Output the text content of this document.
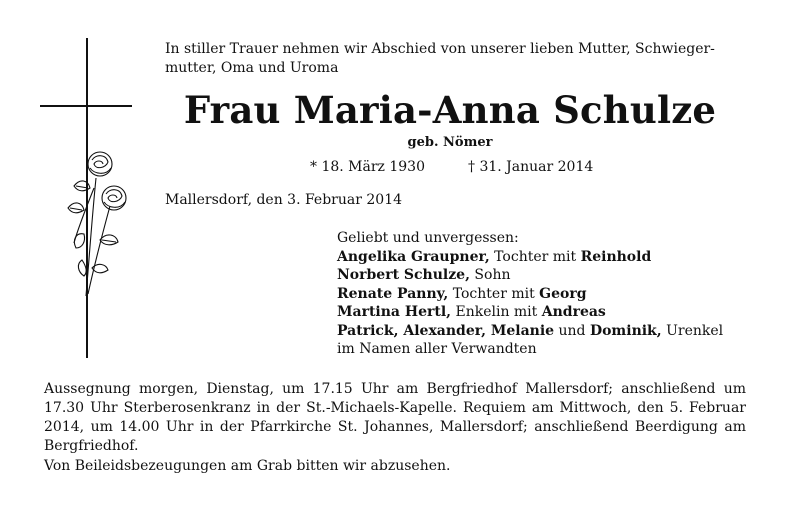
In stiller Trauer nehmen wir Abschied von unserer lieben Mutter, Schwieger-
mutter, Oma und Uroma

Frau Maria-Anna Schulze

geb. Nömer

* 18. März 1930	† 31. Januar 2014

Mallersdorf, den 3. Februar 2014

Geliebt und unvergessen:
Angelika Graupner, Tochter mit Reinhold
Norbert Schulze, Sohn
Renate Panny, Tochter mit Georg
Martina Hertl, Enkelin mit Andreas
Patrick, Alexander, Melanie und Dominik, Urenkel
im Namen aller Verwandten

Aussegnung morgen, Dienstag, um 17.15 Uhr am Bergfriedhof Mallersdorf; anschließend um 17.30 Uhr Sterberosenkranz in der St.-Michaels-Kapelle. Requiem am Mittwoch, den 5. Februar 2014, um 14.00 Uhr in der Pfarrkirche St. Johannes, Mallersdorf; anschließend Beerdigung am Bergfriedhof.

Von Beileidsbezeugungen am Grab bitten wir abzusehen.
